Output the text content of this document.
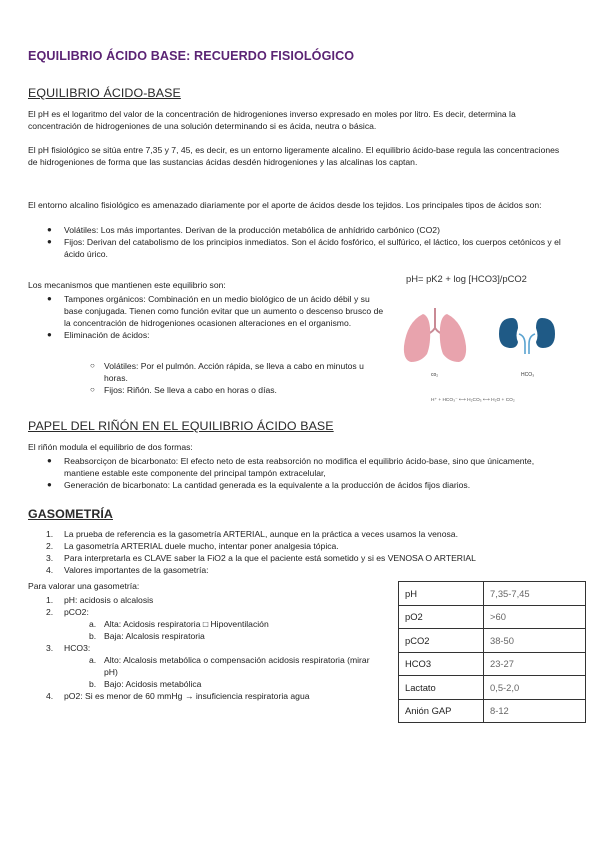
EQUILIBRIO ÁCIDO BASE: RECUERDO FISIOLÓGICO
EQUILIBRIO ÁCIDO-BASE
El pH es el logaritmo del valor de la concentración de hidrogeniones inverso expresado en moles por litro. Es decir, determina la concentración de hidrogeniones de una solución determinando si es ácida, neutra o básica.
El pH fisiológico se sitúa entre 7,35 y 7, 45, es decir, es un entorno ligeramente alcalino. El equilibrio ácido-base regula las concentraciones de hidrogeniones de forma que las sustancias ácidas desdén hidrogeniones y las alcalinas los captan.
El entorno alcalino fisiológico es amenazado diariamente por el aporte de ácidos desde los tejidos. Los principales tipos de ácidos son:
● Volátiles: Los más importantes. Derivan de la producción metabólica de anhídrido carbónico (CO2)
● Fijos: Derivan del catabolismo de los principios inmediatos. Son el ácido fosfórico, el sulfúrico, el láctico, los cuerpos cetónicos y el ácido úrico.
Los mecanismos que mantienen este equilibrio son:
● Tampones orgánicos: Combinación en un medio biológico de un ácido débil y su base conjugada. Tienen como función evitar que un aumento o descenso brusco de la concentración de hidrogeniones ocasionen alteraciones en el organismo.
● Eliminación de ácidos:
○ Volátiles: Por el pulmón. Acción rápida, se lleva a cabo en minutos u horas.
○ Fijos: Riñón. Se lleva a cabo en horas o días.
pH= pK2 + log [HCO3]/pCO2
co₂	HCO₃
H⁺ + HCO₃⁻ ⟷ H₂CO₃ ⟷ H₂O + CO₂
PAPEL DEL RIÑÓN EN EL EQUILIBRIO ÁCIDO BASE
El riñón modula el equilibrio de dos formas:
● Reabsorciçon de bicarbonato: El efecto neto de esta reabsorción no modifica el equilibrio ácido-base, sino que únicamente, mantiene estable este componente del principal tampón extracelular,
● Generación de bicarbonato: La cantidad generada es la equivalente a la producción de ácidos fijos diarios.
GASOMETRÍA
1. La prueba de referencia es la gasometría ARTERIAL, aunque en la práctica a veces usamos la venosa.
2. La gasometría ARTERIAL duele mucho, intentar poner analgesia tópica.
3. Para interpretarla es CLAVE saber la FiO2 a la que el paciente está sometido y si es VENOSA O ARTERIAL
4. Valores importantes de la gasometría:
Para valorar una gasometría:
1. pH: acidosis o alcalosis
2. pCO2:
a. Alta: Acidosis respiratoria □ Hipoventilación
b. Baja: Alcalosis respiratoria
3. HCO3:
a. Alto: Alcalosis metabólica o compensación acidosis respiratoria (mirar pH)
b. Bajo: Acidosis metabólica
4. pO2: Si es menor de 60 mmHg → insuficiencia respiratoria agua
pH	7,35-7,45
pO2	>60
pCO2	38-50
HCO3	23-27
Lactato	0,5-2,0
Anión GAP	8-12
